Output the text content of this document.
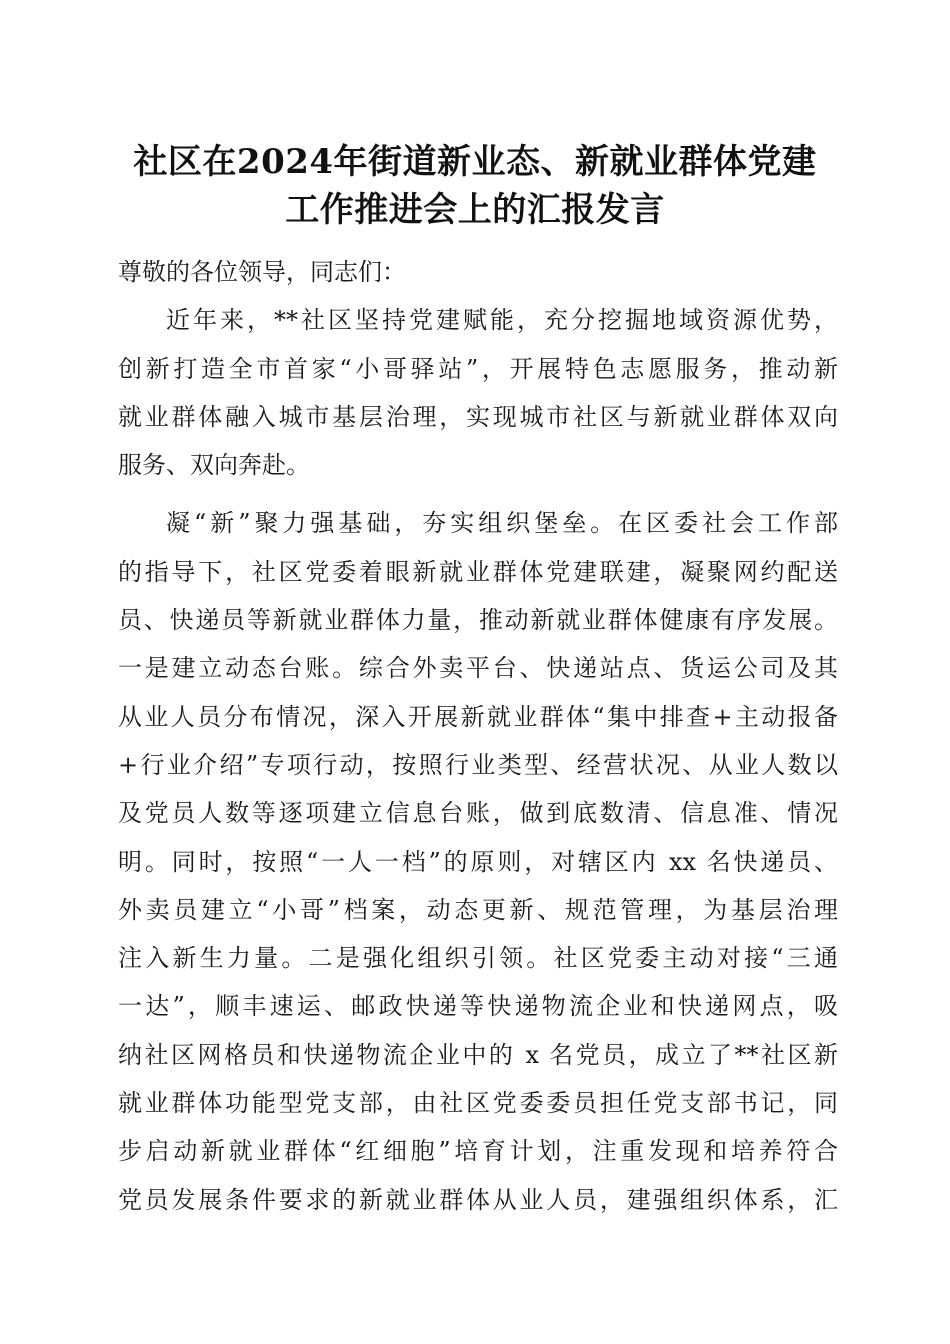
社区在2024年街道新业态、新就业群体党建
工作推进会上的汇报发言
尊敬的各位领导，同志们：
近年来，**社区坚持党建赋能，充分挖掘地域资源优势，
创新打造全市首家“小哥驿站”，开展特色志愿服务，推动新
就业群体融入城市基层治理，实现城市社区与新就业群体双向
服务、双向奔赴。
凝“新”聚力强基础，夯实组织堡垒。在区委社会工作部
的指导下，社区党委着眼新就业群体党建联建，凝聚网约配送
员、快递员等新就业群体力量，推动新就业群体健康有序发展。
一是建立动态台账。综合外卖平台、快递站点、货运公司及其
从业人员分布情况，深入开展新就业群体“集中排查+主动报备
+行业介绍”专项行动，按照行业类型、经营状况、从业人数以
及党员人数等逐项建立信息台账，做到底数清、信息准、情况
明。同时，按照“一人一档”的原则，对辖区内 xx 名快递员、
外卖员建立“小哥”档案，动态更新、规范管理，为基层治理
注入新生力量。二是强化组织引领。社区党委主动对接“三通
一达”，顺丰速运、邮政快递等快递物流企业和快递网点，吸
纳社区网格员和快递物流企业中的 x 名党员，成立了**社区新
就业群体功能型党支部，由社区党委委员担任党支部书记，同
步启动新就业群体“红细胞”培育计划，注重发现和培养符合
党员发展条件要求的新就业群体从业人员，建强组织体系，汇
